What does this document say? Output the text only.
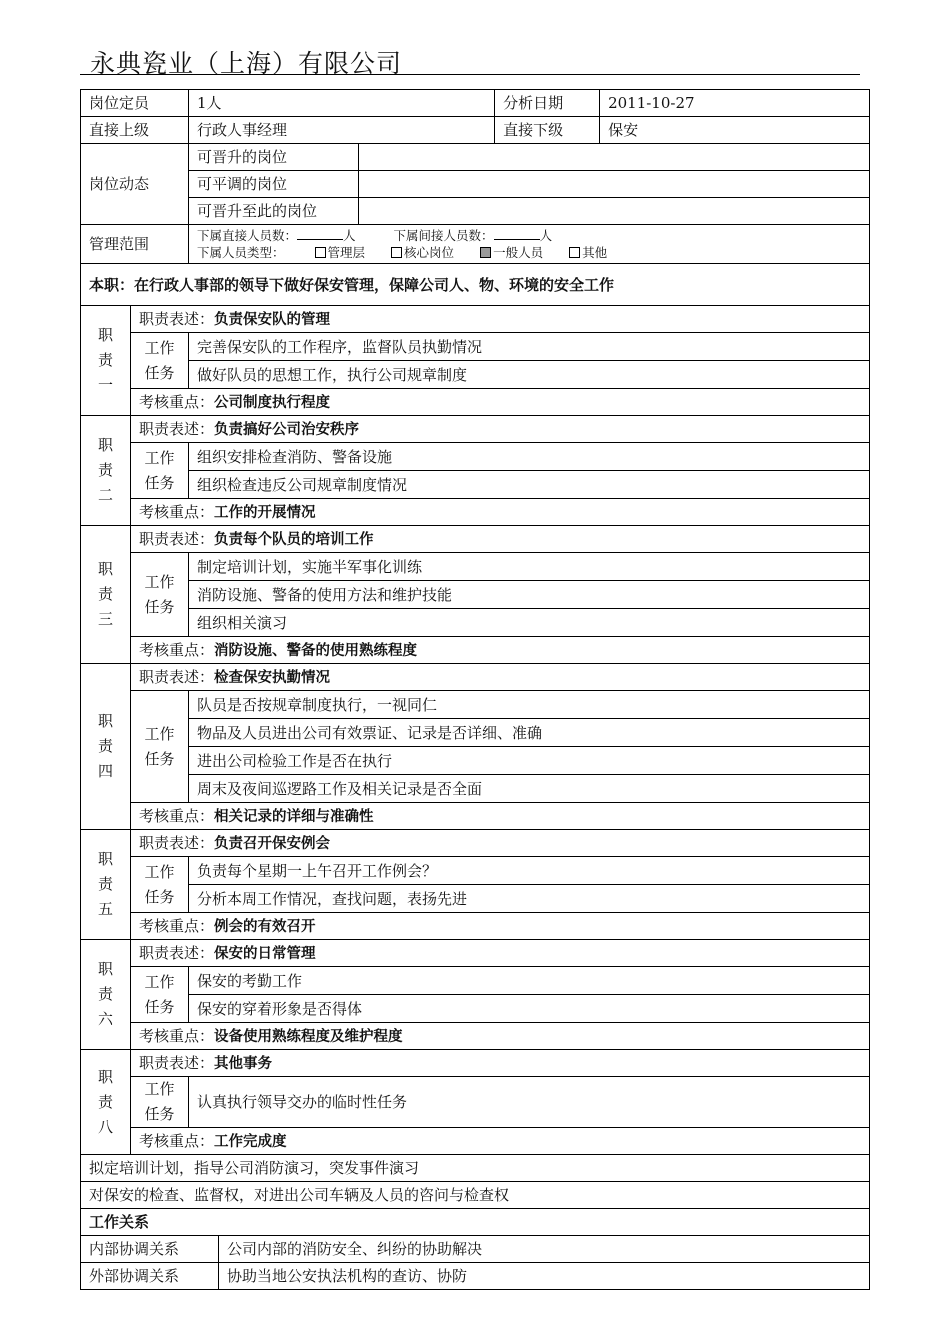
永典瓷业（上海）有限公司
岗位定员		1人			分析日期	2011-10-27
直接上级		行政人事经理			直接下级	保安
岗位动态		可晋升的岗位				
		可平调的岗位				
		可晋升至此的岗位				
管理范围		下属直接人员数： 人 下属间接人员数： 人
下属人员类型： 管理层 核心岗位 一般人员 其他				

本职：在行政人事部的领导下做好保安管理，保障公司人、物、环境的安全工作						

职
责
一	职责表述：负责保安队的管理					

	工作
任务	完善保安队的工作程序，监督队员执勤情况				
		做好队员的思想工作，执行公司规章制度				
	考核重点：公司制度执行程度					

职
责
二	职责表述：负责搞好公司治安秩序					

	工作
任务	组织安排检查消防、警备设施				
		组织检查违反公司规章制度情况				
	考核重点：工作的开展情况					

职
责
三	职责表述：负责每个队员的培训工作					

	工作
任务	制定培训计划，实施半军事化训练				
		消防设施、警备的使用方法和维护技能				
		组织相关演习				
	考核重点：消防设施、警备的使用熟练程度					

职
责
四	职责表述：检查保安执勤情况					

	工作
任务	队员是否按规章制度执行，一视同仁				
		物品及人员进出公司有效票证、记录是否详细、准确				
		进出公司检验工作是否在执行				
		周末及夜间巡逻路工作及相关记录是否全面				
	考核重点：相关记录的详细与准确性					

职
责
五	职责表述：负责召开保安例会					

	工作
任务	负责每个星期一上午召开工作例会？				
		分析本周工作情况，查找问题，表扬先进				
	考核重点：例会的有效召开					

职
责
六	职责表述：保安的日常管理					

	工作
任务	保安的考勤工作				
		保安的穿着形象是否得体				
	考核重点：设备使用熟练程度及维护程度					

职
责
八	职责表述：其他事务					

	工作
任务	认真执行领导交办的临时性任务				
	考核重点：工作完成度					
拟定培训计划，指导公司消防演习，突发事件演习						
对保安的检查、监督权，对进出公司车辆及人员的咨问与检查权						
工作关系						
内部协调关系			公司内部的消防安全、纠纷的协助解决			
外部协调关系			协助当地公安执法机构的查访、协防			
